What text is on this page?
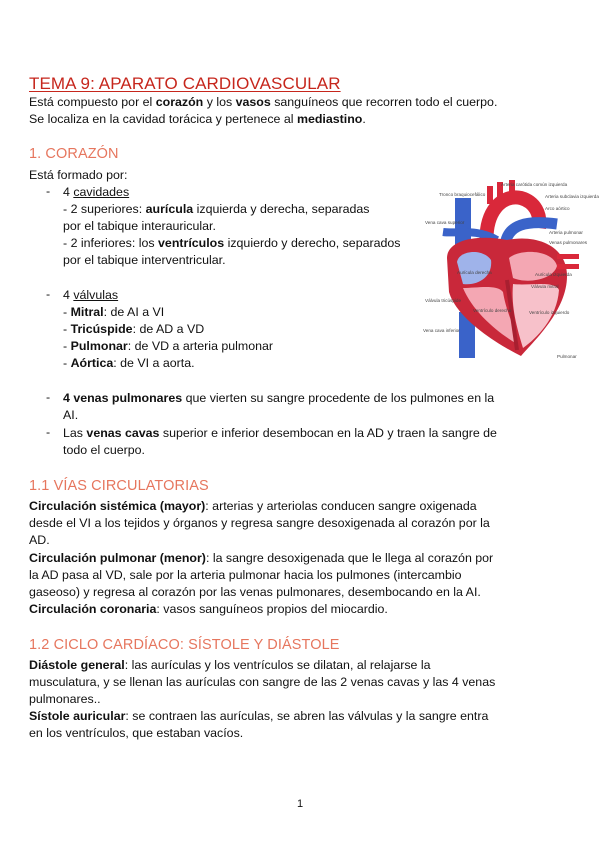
TEMA 9: APARATO CARDIOVASCULAR

Está compuesto por el corazón y los vasos sanguíneos que recorren todo el cuerpo.

Se localiza en la cavidad torácica y pertenece al mediastino.

1. CORAZÓN

Está formado por:

- 4 cavidades

- 2 superiores: aurícula izquierda y derecha, separadas

por el tabique interauricular.

- 2 inferiores: los ventrículos izquierdo y derecho, separados

por el tabique interventricular.

- 4 válvulas

- Mitral: de AI a VI

- Tricúspide: de AD a VD

- Pulmonar: de VD a arteria pulmonar

- Aórtica: de VI a aorta.

- 4 venas pulmonares que vierten su sangre procedente de los pulmones en la

AI.

- Las venas cavas superior e inferior desembocan en la AD y traen la sangre de

todo el cuerpo.

1.1 VÍAS CIRCULATORIAS

Circulación sistémica (mayor): arterias y arteriolas conducen sangre oxigenada

desde el VI a los tejidos y órganos y regresa sangre desoxigenada al corazón por la

AD.

Circulación pulmonar (menor): la sangre desoxigenada que le llega al corazón por

la AD pasa al VD, sale por la arteria pulmonar hacia los pulmones (intercambio

gaseoso) y regresa al corazón por las venas pulmonares, desembocando en la AI.

Circulación coronaria: vasos sanguíneos propios del miocardio.

1.2 CICLO CARDÍACO: SÍSTOLE Y DIÁSTOLE

Diástole general: las aurículas y los ventrículos se dilatan, al relajarse la

musculatura, y se llenan las aurículas con sangre de las 2 venas cavas y las 4 venas

pulmonares..

Sístole auricular: se contraen las aurículas, se abren las válvulas y la sangre entra

en los ventrículos, que estaban vacíos.

Tronco braquiocefálico
Arteria carótida común izquierda
Arteria subclavia izquierda
Vena cava superior
Arco aórtico
Arteria pulmonar
Venas pulmonares
Aurícula izquierda
Aurícula derecha
Válvula mitral
Válvula tricúspide
Ventrículo izquierdo
Ventrículo derecho
Vena cava inferior
Pulmonar
1
